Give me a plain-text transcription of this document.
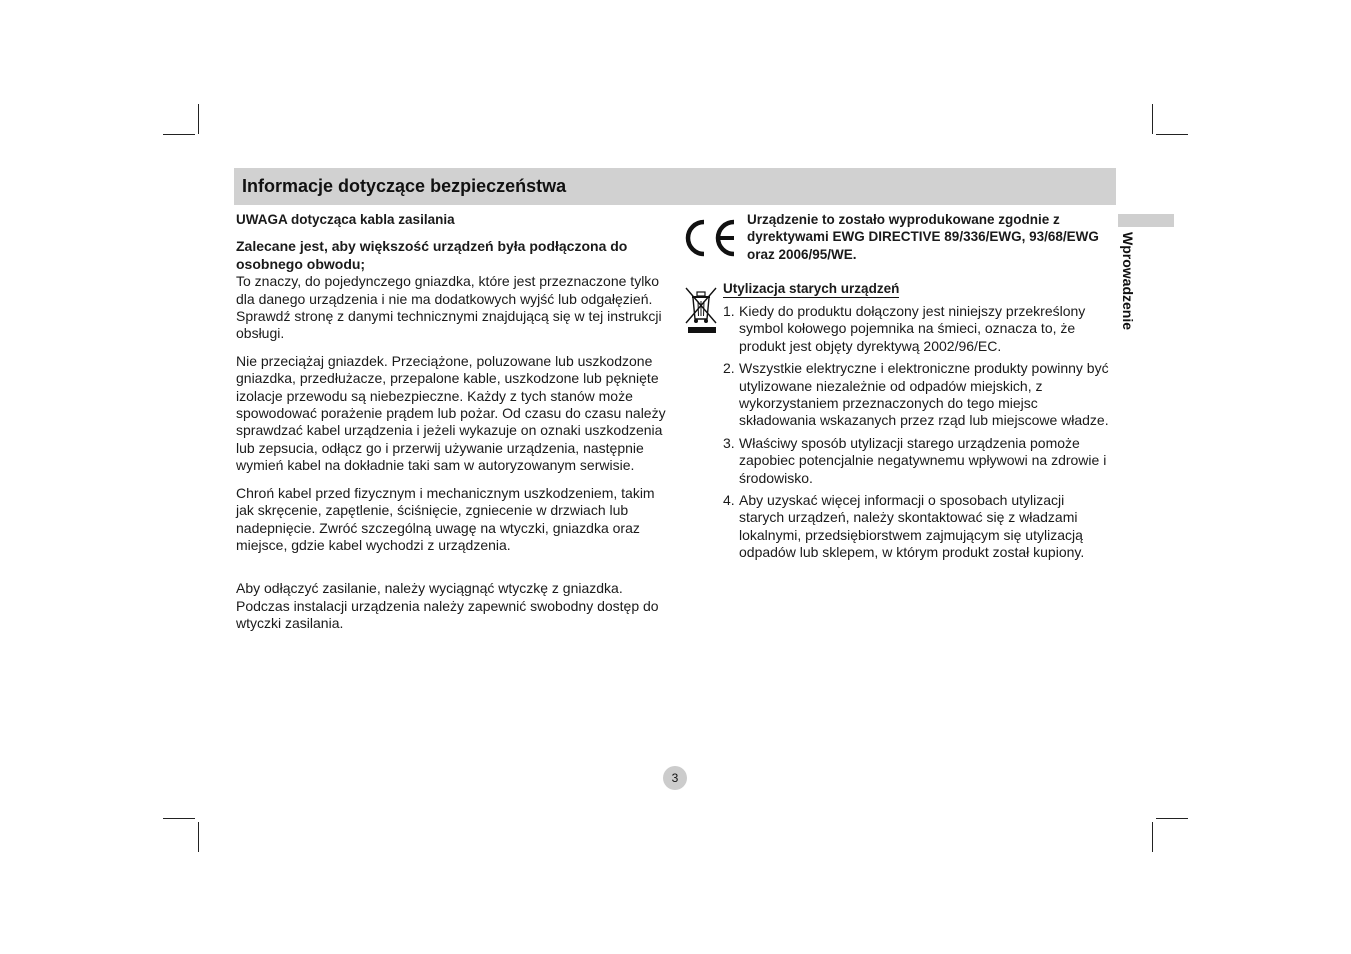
Informacje dotyczące bezpieczeństwa
Wprowadzenie

UWAGA dotycząca kabla zasilania

Zalecane jest, aby większość urządzeń była podłączona do osobnego obwodu;

To znaczy, do pojedynczego gniazdka, które jest przeznaczone tylko dla danego urządzenia i nie ma dodatkowych wyjść lub odgałęzień. Sprawdź stronę z danymi technicznymi znajdującą się w tej instrukcji obsługi.

Nie przeciążaj gniazdek. Przeciążone, poluzowane lub uszkodzone gniazdka, przedłużacze, przepalone kable, uszkodzone lub pęknięte izolacje przewodu są niebezpieczne. Każdy z tych stanów może spowodować porażenie prądem lub pożar. Od czasu do czasu należy sprawdzać kabel urządzenia i jeżeli wykazuje on oznaki uszkodzenia lub zepsucia, odłącz go i przerwij używanie urządzenia, następnie wymień kabel na dokładnie taki sam w autoryzowanym serwisie.

Chroń kabel przed fizycznym i mechanicznym uszkodzeniem, takim jak skręcenie, zapętlenie, ściśnięcie, zgniecenie w drzwiach lub nadepnięcie. Zwróć szczególną uwagę na wtyczki, gniazdka oraz miejsce, gdzie kabel wychodzi z urządzenia.

Aby odłączyć zasilanie, należy wyciągnąć wtyczkę z gniazdka. Podczas instalacji urządzenia należy zapewnić swobodny dostęp do wtyczki zasilania.

Urządzenie to zostało wyprodukowane zgodnie z dyrektywami EWG DIRECTIVE 89/336/EWG, 93/68/EWG oraz 2006/95/WE.

Utylizacja starych urządzeń

1. Kiedy do produktu dołączony jest niniejszy przekreślony symbol kołowego pojemnika na śmieci, oznacza to, że produkt jest objęty dyrektywą 2002/96/EC.
2. Wszystkie elektryczne i elektroniczne produkty powinny być utylizowane niezależnie od odpadów miejskich, z wykorzystaniem przeznaczonych do tego miejsc składowania wskazanych przez rząd lub miejscowe władze.
3. Właściwy sposób utylizacji starego urządzenia pomoże zapobiec potencjalnie negatywnemu wpływowi na zdrowie i środowisko.
4. Aby uzyskać więcej informacji o sposobach utylizacji starych urządzeń, należy skontaktować się z władzami lokalnymi, przedsiębiorstwem zajmującym się utylizacją odpadów lub sklepem, w którym produkt został kupiony.
3
